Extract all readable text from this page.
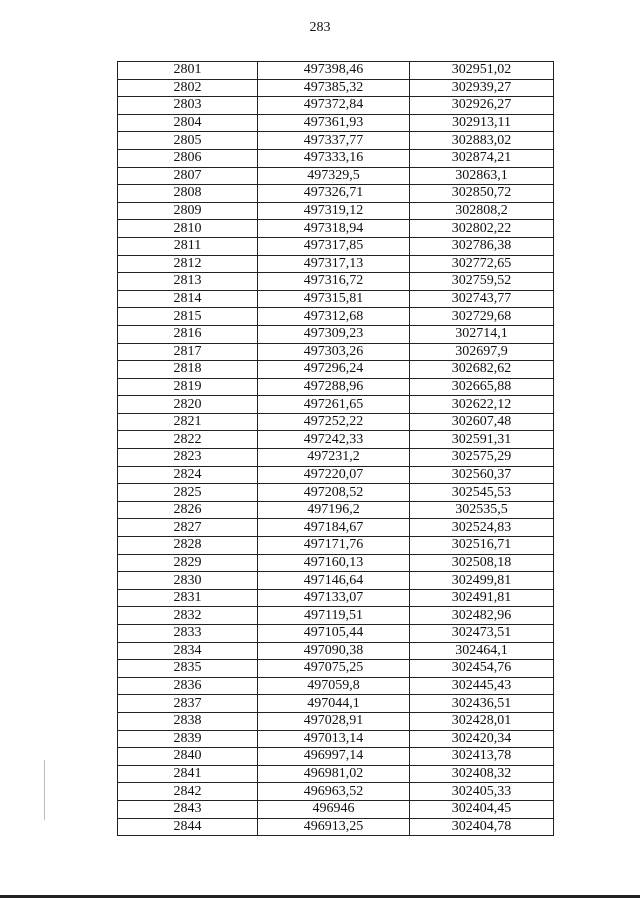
283
2801	497398,46	302951,02
2802	497385,32	302939,27
2803	497372,84	302926,27
2804	497361,93	302913,11
2805	497337,77	302883,02
2806	497333,16	302874,21
2807	497329,5	302863,1
2808	497326,71	302850,72
2809	497319,12	302808,2
2810	497318,94	302802,22
2811	497317,85	302786,38
2812	497317,13	302772,65
2813	497316,72	302759,52
2814	497315,81	302743,77
2815	497312,68	302729,68
2816	497309,23	302714,1
2817	497303,26	302697,9
2818	497296,24	302682,62
2819	497288,96	302665,88
2820	497261,65	302622,12
2821	497252,22	302607,48
2822	497242,33	302591,31
2823	497231,2	302575,29
2824	497220,07	302560,37
2825	497208,52	302545,53
2826	497196,2	302535,5
2827	497184,67	302524,83
2828	497171,76	302516,71
2829	497160,13	302508,18
2830	497146,64	302499,81
2831	497133,07	302491,81
2832	497119,51	302482,96
2833	497105,44	302473,51
2834	497090,38	302464,1
2835	497075,25	302454,76
2836	497059,8	302445,43
2837	497044,1	302436,51
2838	497028,91	302428,01
2839	497013,14	302420,34
2840	496997,14	302413,78
2841	496981,02	302408,32
2842	496963,52	302405,33
2843	496946	302404,45
2844	496913,25	302404,78
